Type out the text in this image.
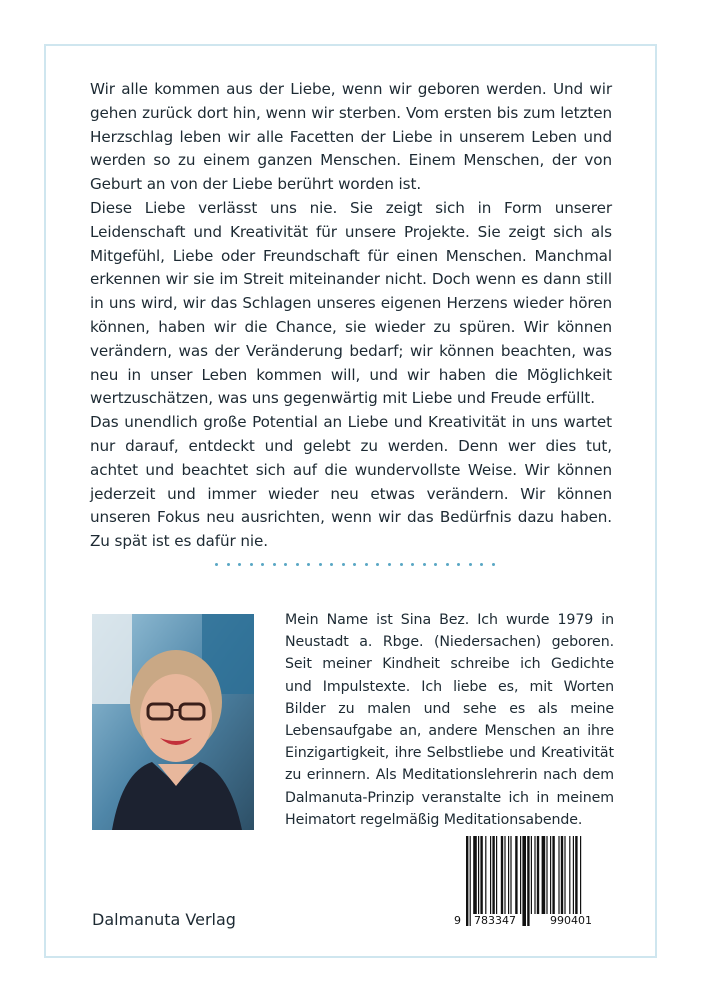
Wir alle kommen aus der Liebe, wenn wir geboren werden. Und wir gehen zurück dort hin, wenn wir sterben. Vom ersten bis zum letzten Herzschlag leben wir alle Facetten der Liebe in unserem Leben und werden so zu einem ganzen Menschen. Einem Menschen, der von Geburt an von der Liebe berührt worden ist.

Diese Liebe verlässt uns nie. Sie zeigt sich in Form unserer Leidenschaft und Kreativität für unsere Projekte. Sie zeigt sich als Mitgefühl, Liebe oder Freundschaft für einen Menschen. Manchmal erkennen wir sie im Streit miteinander nicht. Doch wenn es dann still in uns wird, wir das Schlagen unseres eigenen Herzens wieder hören können, haben wir die Chance, sie wieder zu spüren. Wir können verändern, was der Veränderung bedarf; wir können beachten, was neu in unser Leben kommen will, und wir haben die Möglichkeit wertzuschätzen, was uns gegenwärtig mit Liebe und Freude erfüllt.

Das unendlich große Potential an Liebe und Kreativität in uns wartet nur darauf, entdeckt und gelebt zu werden. Denn wer dies tut, achtet und beachtet sich auf die wundervollste Weise. Wir können jederzeit und immer wieder neu etwas verändern. Wir können unseren Fokus neu ausrichten, wenn wir das Bedürfnis dazu haben. Zu spät ist es dafür nie.

Mein Name ist Sina Bez. Ich wurde 1979 in Neustadt a. Rbge. (Niedersachen) geboren. Seit meiner Kindheit schreibe ich Gedichte und Impulstexte. Ich liebe es, mit Worten Bilder zu malen und sehe es als meine Lebensaufgabe an, andere Menschen an ihre Einzigartigkeit, ihre Selbstliebe und Kreativität zu erinnern. Als Meditationslehrerin nach dem Dalmanuta-Prinzip veranstalte ich in meinem Heimatort regelmäßig Meditationsabende.
Dalmanuta Verlag	9 783347	990401
